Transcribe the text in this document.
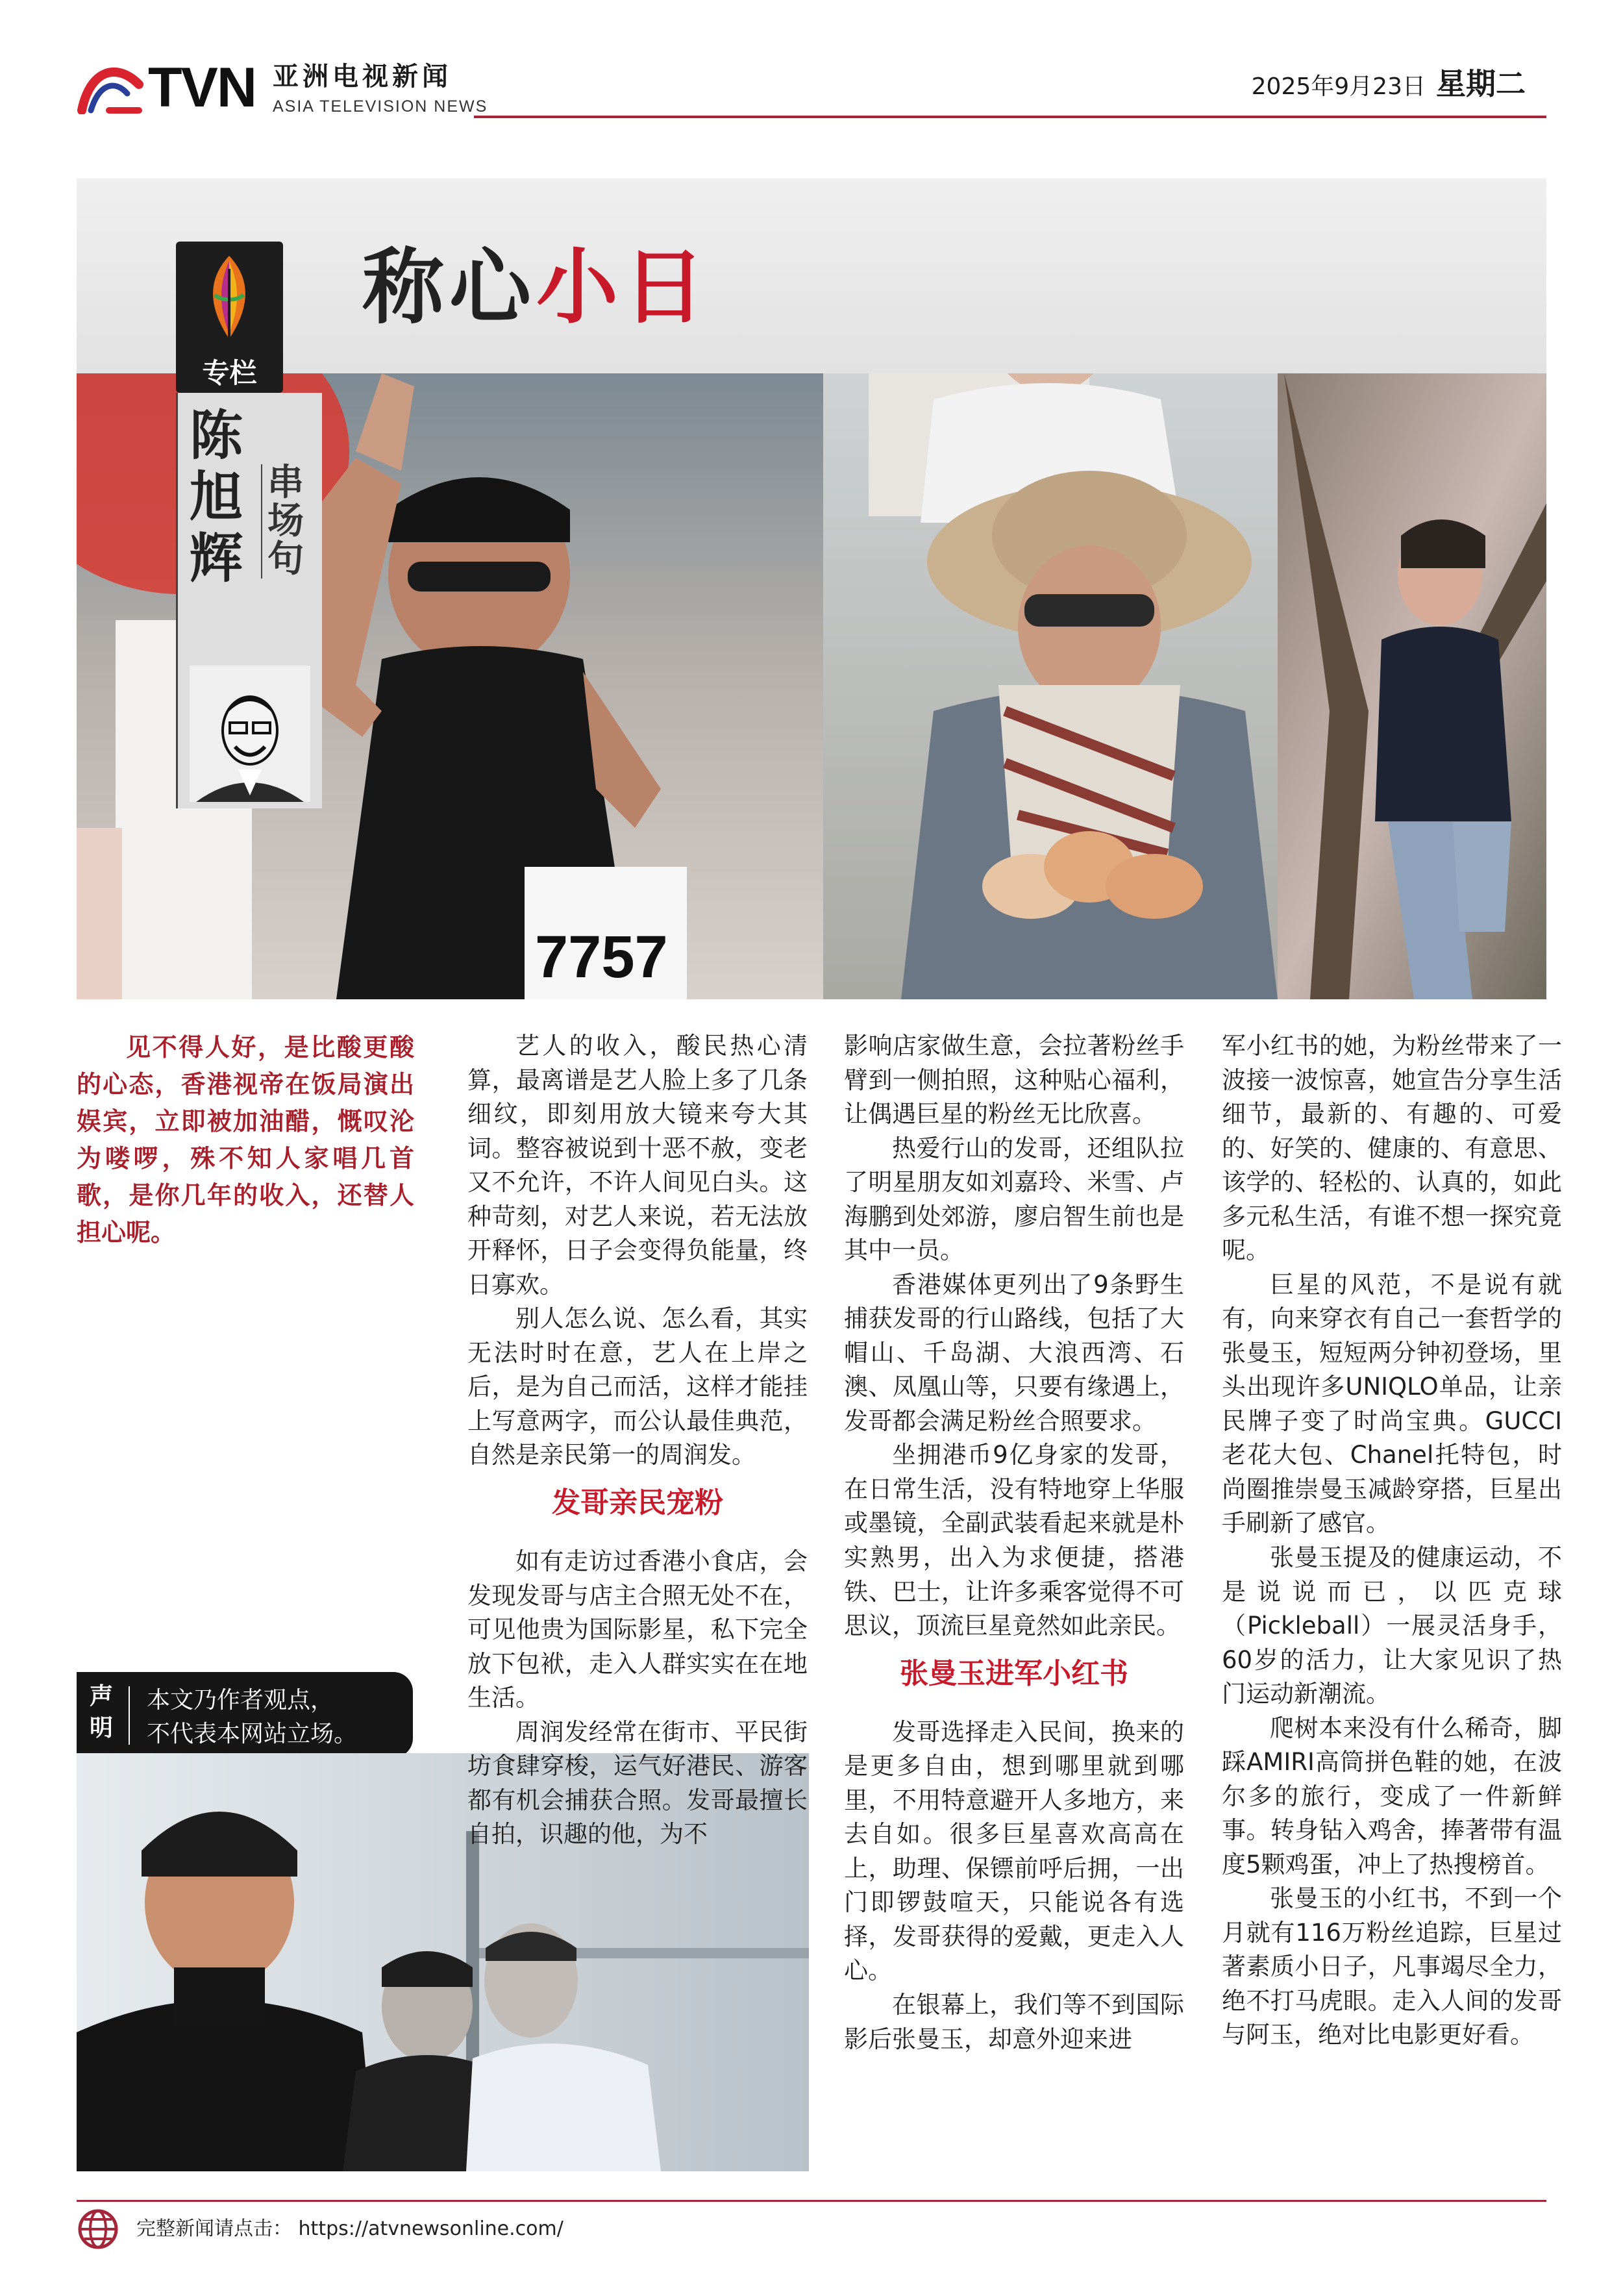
TVN 亚洲电视新闻
ASIA TELEVISION NEWS
2025年9月23日 星期二
7757
称心小日
专栏
陈旭辉
串场句
见不得人好，是比酸更酸的心态，香港视帝在饭局演出娱宾，立即被加油醋，慨叹沦为喽啰，殊不知人家唱几首歌，是你几年的收入，还替人担心呢。
声明
本文乃作者观点，
不代表本网站立场。

艺人的收入，酸民热心清算，最离谱是艺人脸上多了几条细纹，即刻用放大镜来夸大其词。整容被说到十恶不赦，变老又不允许，不许人间见白头。这种苛刻，对艺人来说，若无法放开释怀，日子会变得负能量，终日寡欢。

别人怎么说、怎么看，其实无法时时在意，艺人在上岸之后，是为自己而活，这样才能挂上写意两字，而公认最佳典范，自然是亲民第一的周润发。

发哥亲民宠粉

如有走访过香港小食店，会发现发哥与店主合照无处不在，可见他贵为国际影星，私下完全放下包袱，走入人群实实在在地生活。

周润发经常在街市、平民街坊食肆穿梭，运气好港民、游客都有机会捕获合照。发哥最擅长自拍，识趣的他，为不

影响店家做生意，会拉著粉丝手臂到一侧拍照，这种贴心福利，让偶遇巨星的粉丝无比欣喜。

热爱行山的发哥，还组队拉了明星朋友如刘嘉玲、米雪、卢海鹏到处郊游，廖启智生前也是其中一员。

香港媒体更列出了9条野生捕获发哥的行山路线，包括了大帽山、千岛湖、大浪西湾、石澳、凤凰山等，只要有缘遇上，发哥都会满足粉丝合照要求。

坐拥港币9亿身家的发哥，在日常生活，没有特地穿上华服或墨镜，全副武装看起来就是朴实熟男，出入为求便捷，搭港铁、巴士，让许多乘客觉得不可思议，顶流巨星竟然如此亲民。

张曼玉进军小红书

发哥选择走入民间，换来的是更多自由，想到哪里就到哪里，不用特意避开人多地方，来去自如。很多巨星喜欢高高在上，助理、保镖前呼后拥，一出门即锣鼓喧天，只能说各有选择，发哥获得的爱戴，更走入人心。

在银幕上，我们等不到国际影后张曼玉，却意外迎来进

军小红书的她，为粉丝带来了一波接一波惊喜，她宣告分享生活细节，最新的、有趣的、可爱的、好笑的、健康的、有意思、该学的、轻松的、认真的，如此多元私生活，有谁不想一探究竟呢。

巨星的风范，不是说有就有，向来穿衣有自己一套哲学的张曼玉，短短两分钟初登场，里头出现许多UNIQLO单品，让亲民牌子变了时尚宝典。GUCCI老花大包、Chanel托特包，时尚圈推崇曼玉减龄穿搭，巨星出手刷新了感官。

张曼玉提及的健康运动，不是说说而已，以匹克球（Pickleball）一展灵活身手，60岁的活力，让大家见识了热门运动新潮流。

爬树本来没有什么稀奇，脚踩AMIRI高筒拼色鞋的她，在波尔多的旅行，变成了一件新鲜事。转身钻入鸡舍，捧著带有温度5颗鸡蛋，冲上了热搜榜首。

张曼玉的小红书，不到一个月就有116万粉丝追踪，巨星过著素质小日子，凡事竭尽全力，绝不打马虎眼。走入人间的发哥与阿玉，绝对比电影更好看。

完整新闻请点击： https://atvnewsonline.com/
